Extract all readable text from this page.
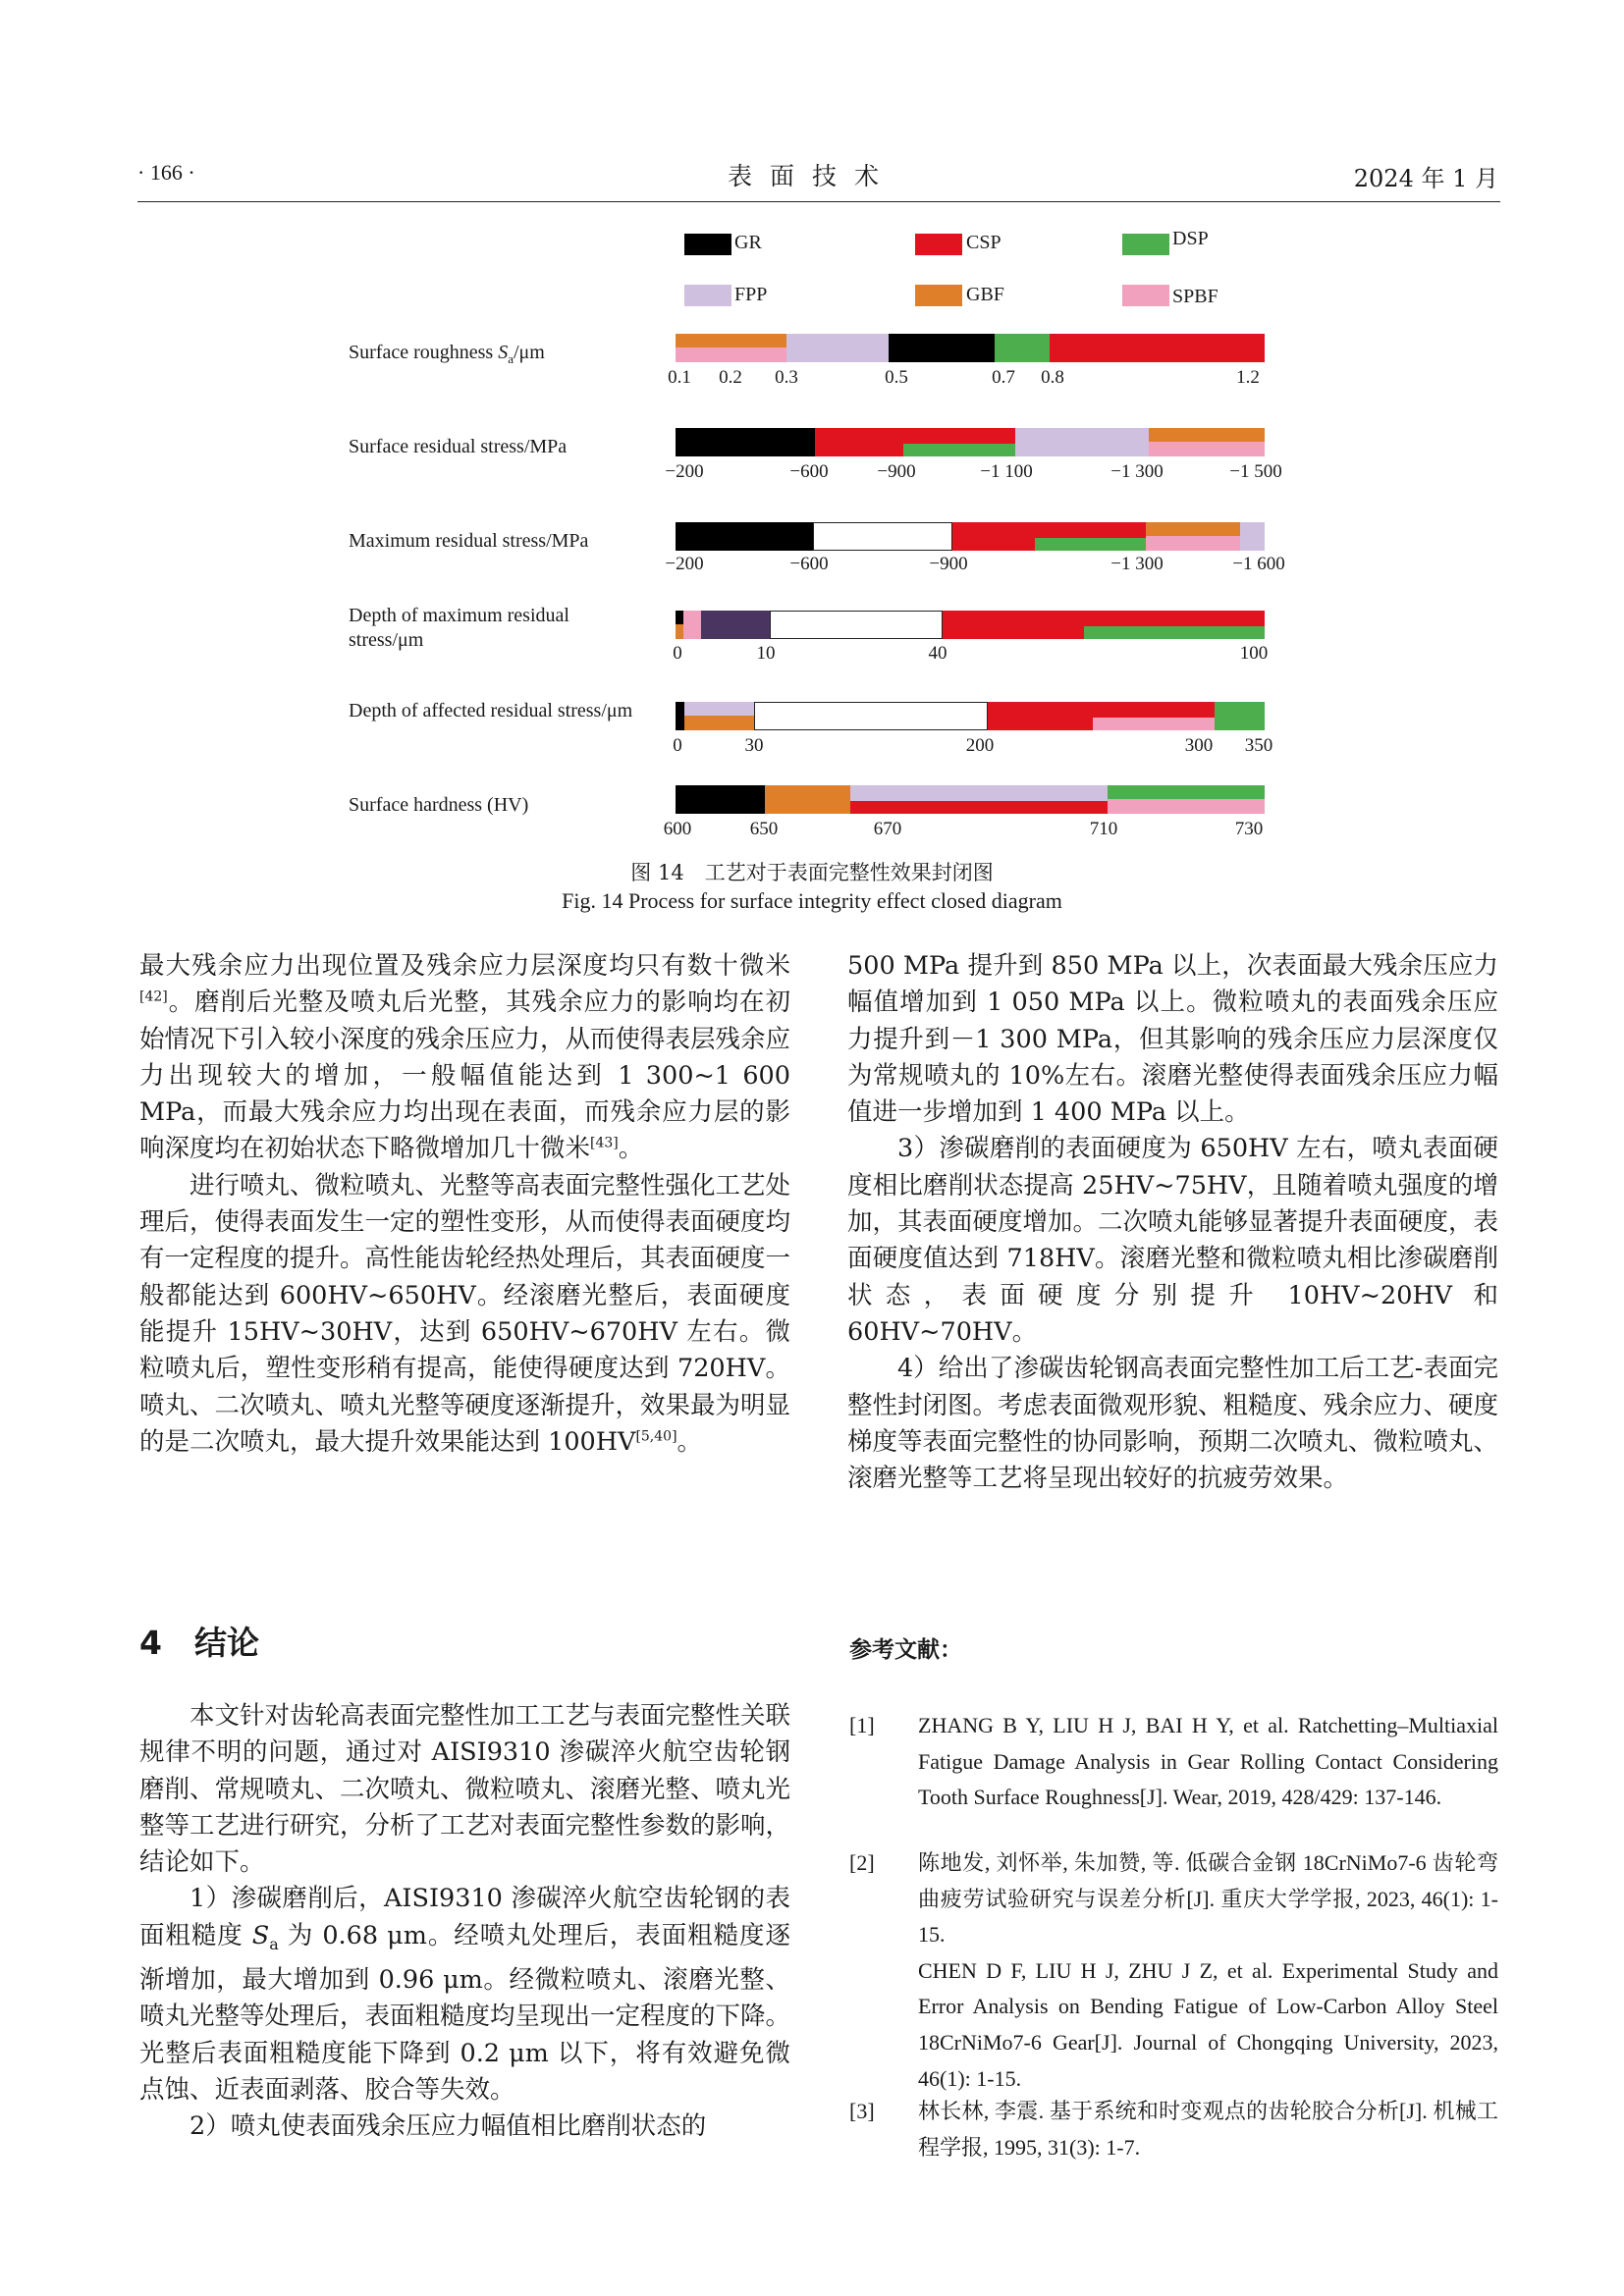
· 166 ·	表面技术	2024 年 1 月
GR	CSP	DSP
FPP	GBF	SPBF
Surface roughness $S_a/\mu m$
0.1 0.2 0.3	0.5	0.7 0.8	1.2
Surface residual stress/MPa
−200	−600	−900	−1 100	−1 300	−1 500
Maximum residual stress/MPa
−200	−600	−900	−1 300	−1 600
Depth of maximum residual
stress/μm
0	10	40	100
Depth of affected residual stress/μm
0	30	200	300 350
Surface hardness (HV)
600	650	670	710	730
图 14　工艺对于表面完整性效果封闭图
Fig. 14 Process for surface integrity effect closed diagram

最大残余应力出现位置及残余应力层深度均只有数十微米[42]。磨削后光整及喷丸后光整，其残余应力的影响均在初始情况下引入较小深度的残余压应力，从而使得表层残余应力出现较大的增加，一般幅值能达到 1 300~1 600 MPa，而最大残余应力均出现在表面，而残余应力层的影响深度均在初始状态下略微增加几十微米[43]。

进行喷丸、微粒喷丸、光整等高表面完整性强化工艺处理后，使得表面发生一定的塑性变形，从而使得表面硬度均有一定程度的提升。高性能齿轮经热处理后，其表面硬度一般都能达到 600HV~650HV。经滚磨光整后，表面硬度能提升 15HV~30HV，达到 650HV~670HV 左右。微粒喷丸后，塑性变形稍有提高，能使得硬度达到 720HV。喷丸、二次喷丸、喷丸光整等硬度逐渐提升，效果最为明显的是二次喷丸，最大提升效果能达到 100HV[5,40]。

4　结论

本文针对齿轮高表面完整性加工工艺与表面完整性关联规律不明的问题，通过对 AISI9310 渗碳淬火航空齿轮钢磨削、常规喷丸、二次喷丸、微粒喷丸、滚磨光整、喷丸光整等工艺进行研究，分析了工艺对表面完整性参数的影响，结论如下。

1）渗碳磨削后，AISI9310 渗碳淬火航空齿轮钢的表面粗糙度 $S_a$ 为 0.68 μm。经喷丸处理后，表面粗糙度逐渐增加，最大增加到 0.96 μm。经微粒喷丸、滚磨光整、喷丸光整等处理后，表面粗糙度均呈现出一定程度的下降。光整后表面粗糙度能下降到 0.2 μm 以下，将有效避免微点蚀、近表面剥落、胶合等失效。

2）喷丸使表面残余压应力幅值相比磨削状态的

500 MPa 提升到 850 MPa 以上，次表面最大残余压应力幅值增加到 1 050 MPa 以上。微粒喷丸的表面残余压应力提升到－1 300 MPa，但其影响的残余压应力层深度仅为常规喷丸的 10%左右。滚磨光整使得表面残余压应力幅值进一步增加到 1 400 MPa 以上。

3）渗碳磨削的表面硬度为 650HV 左右，喷丸表面硬度相比磨削状态提高 25HV~75HV，且随着喷丸强度的增加，其表面硬度增加。二次喷丸能够显著提升表面硬度，表面硬度值达到 718HV。滚磨光整和微粒喷丸相比渗碳磨削状态，表面硬度分别提升 10HV~20HV 和 60HV~70HV。

4）给出了渗碳齿轮钢高表面完整性加工后工艺-表面完整性封闭图。考虑表面微观形貌、粗糙度、残余应力、硬度梯度等表面完整性的协同影响，预期二次喷丸、微粒喷丸、滚磨光整等工艺将呈现出较好的抗疲劳效果。

参考文献：
[1] ZHANG B Y, LIU H J, BAI H Y, et al. Ratchetting–Multiaxial Fatigue Damage Analysis in Gear Rolling Contact Considering Tooth Surface Roughness[J]. Wear, 2019, 428/429: 137-146.
[2] 陈地发, 刘怀举, 朱加赞, 等. 低碳合金钢 18CrNiMo7-6 齿轮弯曲疲劳试验研究与误差分析[J]. 重庆大学学报, 2023, 46(1): 1-15.
CHEN D F, LIU H J, ZHU J Z, et al. Experimental Study and Error Analysis on Bending Fatigue of Low-Carbon Alloy Steel 18CrNiMo7-6 Gear[J]. Journal of Chongqing University, 2023, 46(1): 1-15.
[3] 林长林, 李震. 基于系统和时变观点的齿轮胶合分析[J]. 机械工程学报, 1995, 31(3): 1-7.
